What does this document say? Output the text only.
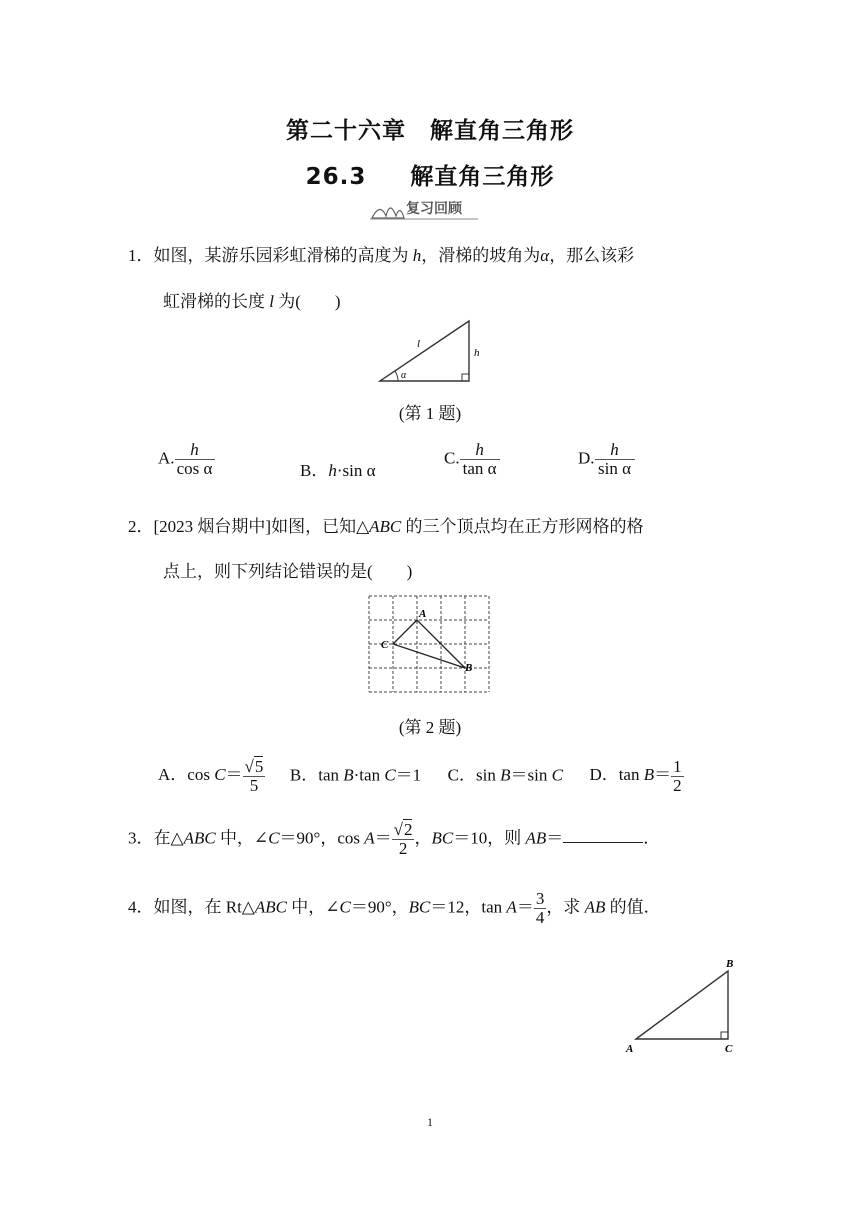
第二十六章　解直角三角形
26.3 解直角三角形
复习回顾
1．如图，某游乐园彩虹滑梯的高度为 h，滑梯的坡角为α，那么该彩
虹滑梯的长度 l 为(　　)
l
h
α
(第 1 题)
A. $\frac{h}{\text{cos α}}$	B．h·sin α
C. $\frac{h}{\text{tan α}}$	D. $\frac{h}{\text{sin α}}$
2．[2023 烟台期中]如图，已知△ABC 的三个顶点均在正方形网格的格
点上，则下列结论错误的是(　　)
A
C
B
(第 2 题)
A．$\cos C= \frac{√5}{5}$ B．tan B·tan C＝1 C．sin B＝sin C D．$\tan B= \frac{1}{2}$
3．在△ABC 中，∠C＝90°，$\cos A= \frac{√2}{2}$ ，BC＝10，则 AB＝	．
4．如图，在 Rt△ABC 中，∠C＝90°，BC＝12，$\tan A= \frac{3}{4}$ ，求 AB 的值．
B
A	C
1
